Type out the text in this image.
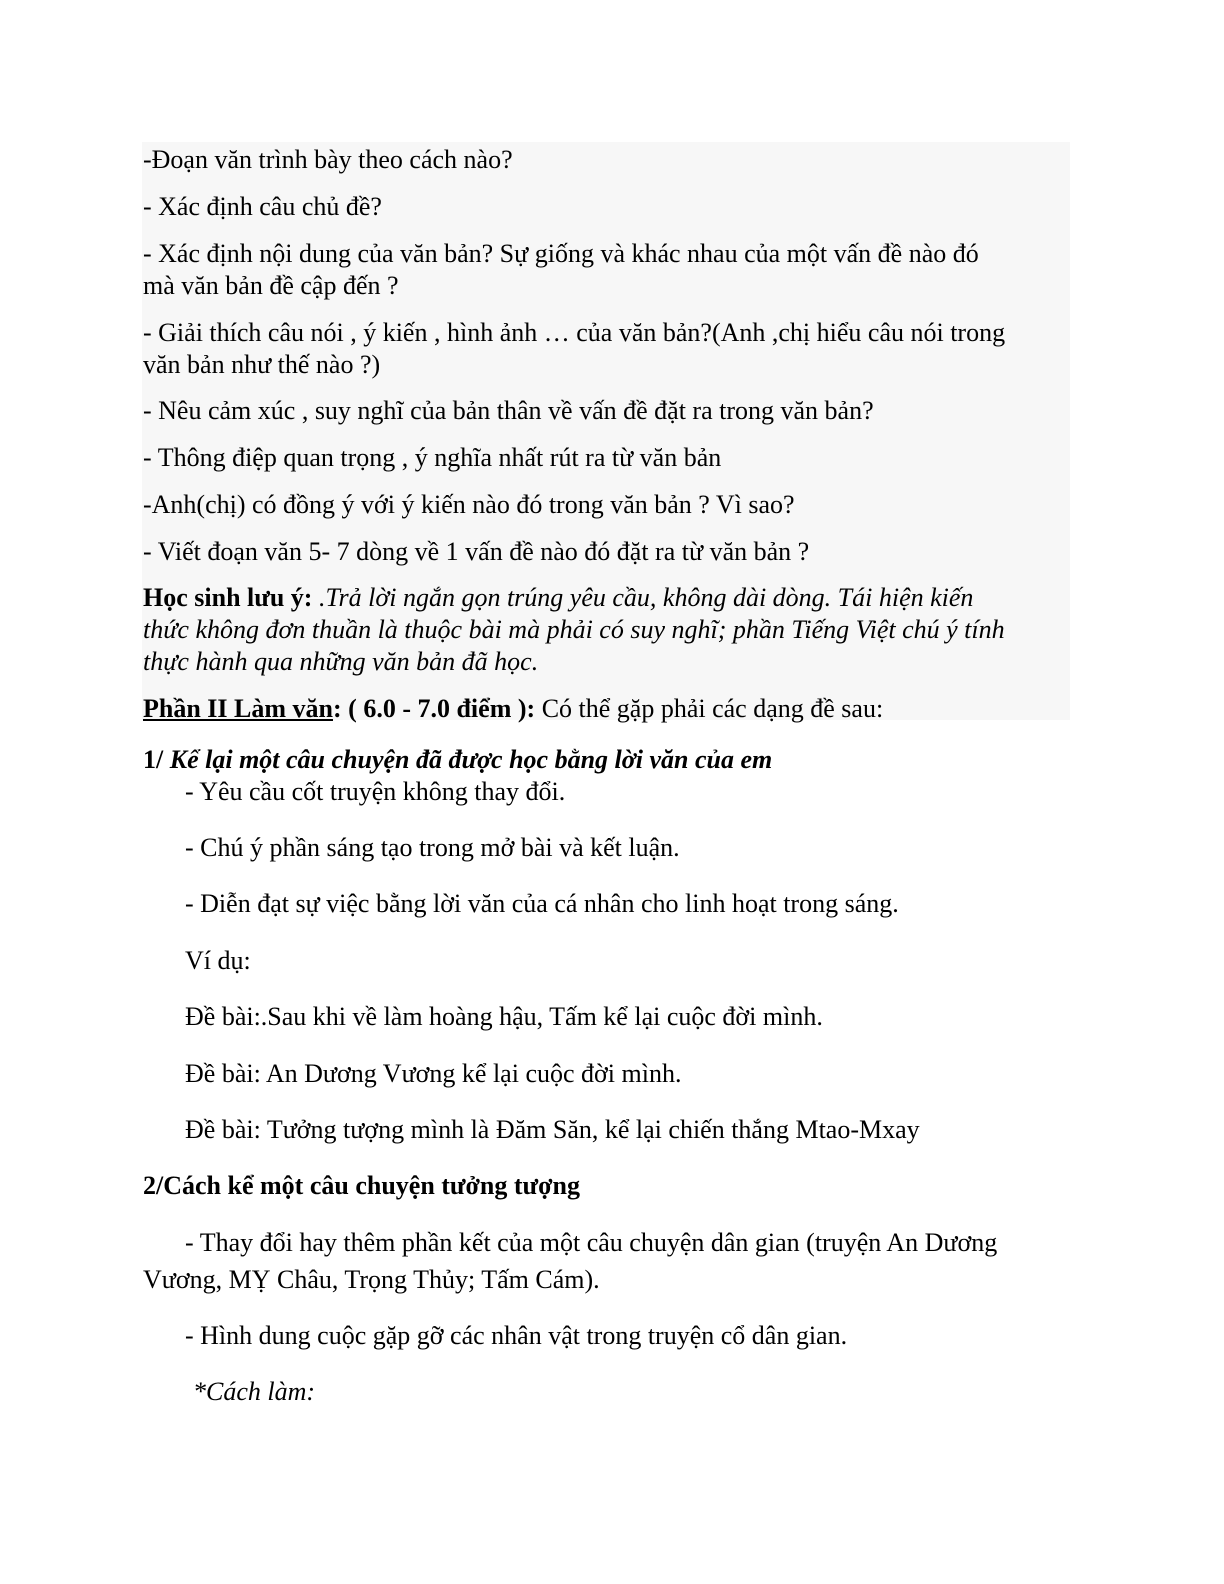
-Đoạn văn trình bày theo cách nào?

- Xác định câu chủ đề?

- Xác định nội dung của văn bản? Sự giống và khác nhau của một vấn đề nào đó

mà văn bản đề cập đến ?

- Giải thích câu nói , ý kiến , hình ảnh … của văn bản?(Anh ,chị hiểu câu nói trong

văn bản như thế nào ?)

- Nêu cảm xúc , suy nghĩ của bản thân về vấn đề đặt ra trong văn bản?

- Thông điệp quan trọng , ý nghĩa nhất rút ra từ văn bản

-Anh(chị) có đồng ý với ý kiến nào đó trong văn bản ? Vì sao?

- Viết đoạn văn 5- 7 dòng về 1 vấn đề nào đó đặt ra từ văn bản ?

Học sinh lưu ý: .Trả lời ngắn gọn trúng yêu cầu, không dài dòng. Tái hiện kiến

thức không đơn thuần là thuộc bài mà phải có suy nghĩ; phần Tiếng Việt chú ý tính

thực hành qua những văn bản đã học.

Phần II Làm văn: ( 6.0 - 7.0 điểm ): Có thể gặp phải các dạng đề sau:

1/ Kể lại một câu chuyện đã được học bằng lời văn của em

- Yêu cầu cốt truyện không thay đổi.

- Chú ý phần sáng tạo trong mở bài và kết luận.

- Diễn đạt sự việc bằng lời văn của cá nhân cho linh hoạt trong sáng.

Ví dụ:

Đề bài:.Sau khi về làm hoàng hậu, Tấm kể lại cuộc đời mình.

Đề bài: An Dương Vương kể lại cuộc đời mình.

Đề bài: Tưởng tượng mình là Đăm Săn, kể lại chiến thắng Mtao-Mxay

2/Cách kể một câu chuyện tưởng tượng

- Thay đổi hay thêm phần kết của một câu chuyện dân gian (truyện An Dương

Vương, MỴ Châu, Trọng Thủy; Tấm Cám).

- Hình dung cuộc gặp gỡ các nhân vật trong truyện cổ dân gian.

*Cách làm:
